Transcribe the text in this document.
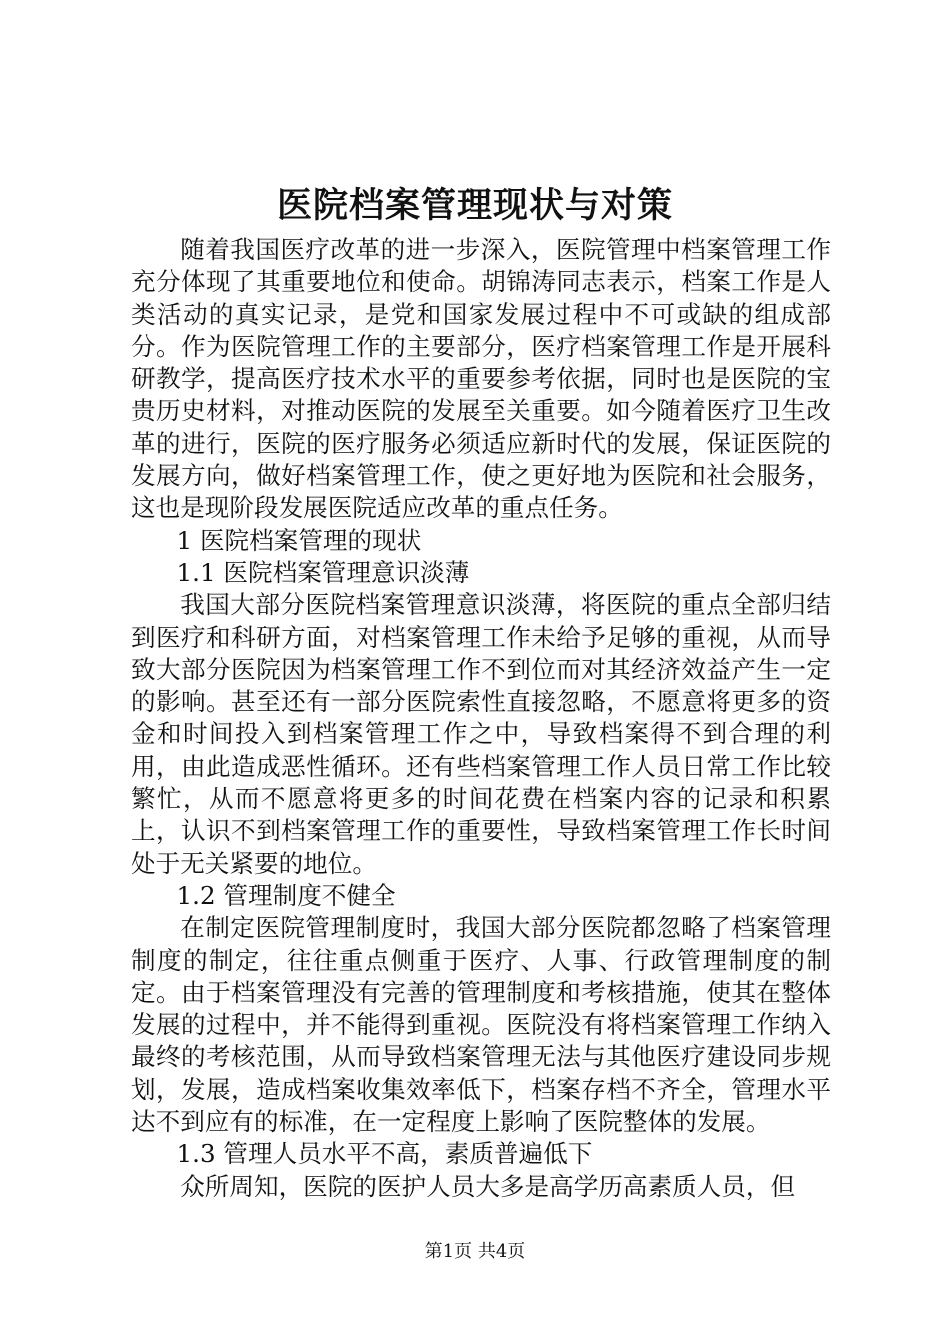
医院档案管理现状与对策

随着我国医疗改革的进一步深入，医院管理中档案管理工作充分体现了其重要地位和使命。胡锦涛同志表示，档案工作是人类活动的真实记录，是党和国家发展过程中不可或缺的组成部分。作为医院管理工作的主要部分，医疗档案管理工作是开展科研教学，提高医疗技术水平的重要参考依据，同时也是医院的宝贵历史材料，对推动医院的发展至关重要。如今随着医疗卫生改革的进行，医院的医疗服务必须适应新时代的发展，保证医院的发展方向，做好档案管理工作，使之更好地为医院和社会服务，这也是现阶段发展医院适应改革的重点任务。

1 医院档案管理的现状

1.1 医院档案管理意识淡薄

我国大部分医院档案管理意识淡薄，将医院的重点全部归结到医疗和科研方面，对档案管理工作未给予足够的重视，从而导致大部分医院因为档案管理工作不到位而对其经济效益产生一定的影响。甚至还有一部分医院索性直接忽略，不愿意将更多的资金和时间投入到档案管理工作之中，导致档案得不到合理的利用，由此造成恶性循环。还有些档案管理工作人员日常工作比较繁忙，从而不愿意将更多的时间花费在档案内容的记录和积累上，认识不到档案管理工作的重要性，导致档案管理工作长时间处于无关紧要的地位。

1.2 管理制度不健全

在制定医院管理制度时，我国大部分医院都忽略了档案管理制度的制定，往往重点侧重于医疗、人事、行政管理制度的制定。由于档案管理没有完善的管理制度和考核措施，使其在整体发展的过程中，并不能得到重视。医院没有将档案管理工作纳入最终的考核范围，从而导致档案管理无法与其他医疗建设同步规划，发展，造成档案收集效率低下，档案存档不齐全，管理水平达不到应有的标准，在一定程度上影响了医院整体的发展。

1.3 管理人员水平不高，素质普遍低下

众所周知，医院的医护人员大多是高学历高素质人员，但

第1页 共4页
